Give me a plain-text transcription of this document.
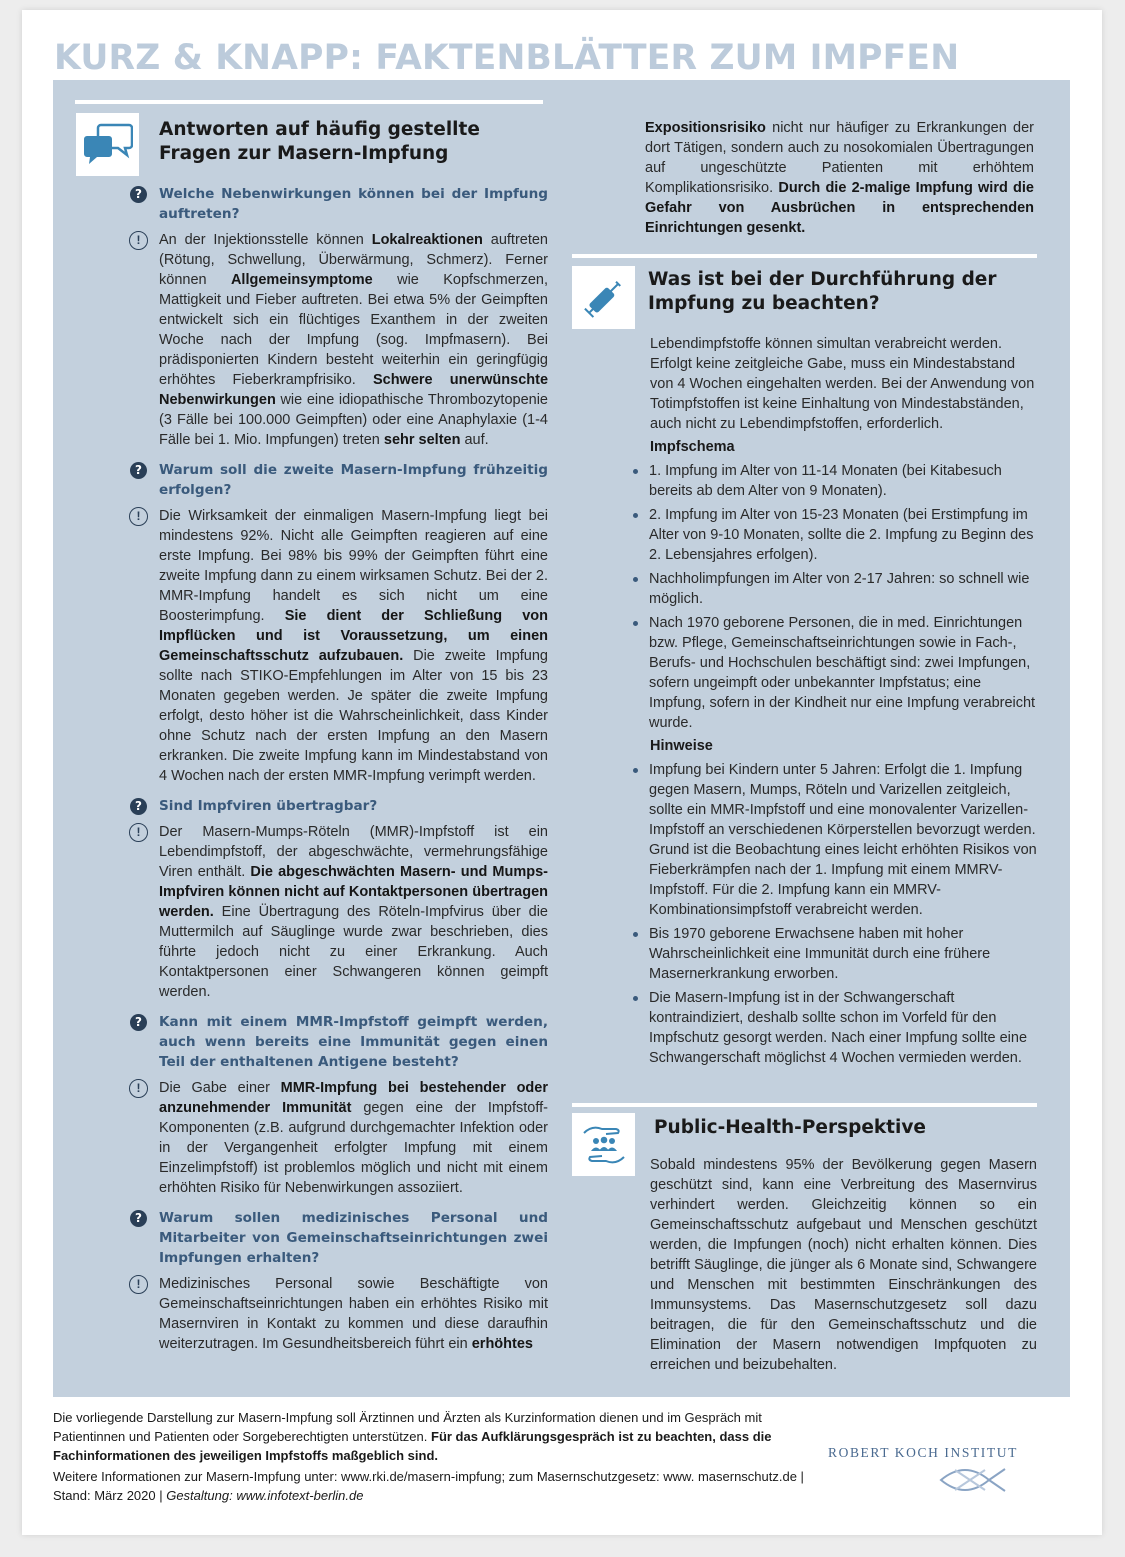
KURZ & KNAPP: FAKTENBLÄTTER ZUM IMPFEN
Antworten auf häufig gestellte
Fragen zur Masern-Impfung
?	Welche Nebenwirkungen können bei der Impfung auftreten?
!	An der Injektionsstelle können Lokalreaktionen auftreten (Rötung, Schwellung, Überwärmung, Schmerz). Ferner können Allgemeinsymptome wie Kopfschmerzen, Mattigkeit und Fieber auftreten. Bei etwa 5% der Geimpften entwickelt sich ein flüchtiges Exanthem in der zweiten Woche nach der Impfung (sog. Impfmasern). Bei prädisponierten Kindern besteht weiterhin ein geringfügig erhöhtes Fieberkrampfrisiko. Schwere unerwünschte Nebenwirkungen wie eine idiopathische Thrombozytopenie (3 Fälle bei 100.000 Geimpften) oder eine Anaphylaxie (1-4 Fälle bei 1. Mio. Impfungen) treten sehr selten auf.
?	Warum soll die zweite Masern-Impfung frühzeitig erfolgen?
!	Die Wirksamkeit der einmaligen Masern-Impfung liegt bei mindestens 92%. Nicht alle Geimpften reagieren auf eine erste Impfung. Bei 98% bis 99% der Geimpften führt eine zweite Impfung dann zu einem wirksamen Schutz. Bei der 2. MMR-Impfung handelt es sich nicht um eine Boosterimpfung. Sie dient der Schließung von Impflücken und ist Voraussetzung, um einen Gemeinschaftsschutz aufzubauen. Die zweite Impfung sollte nach STIKO-Empfehlungen im Alter von 15 bis 23 Monaten gegeben werden. Je später die zweite Impfung erfolgt, desto höher ist die Wahrscheinlichkeit, dass Kinder ohne Schutz nach der ersten Impfung an den Masern erkranken. Die zweite Impfung kann im Mindestabstand von 4 Wochen nach der ersten MMR-Impfung verimpft werden.
?	Sind Impfviren übertragbar?
!	Der Masern-Mumps-Röteln (MMR)-Impfstoff ist ein Lebendimpfstoff, der abgeschwächte, vermehrungsfähige Viren enthält. Die abgeschwächten Masern- und Mumps- Impfviren können nicht auf Kontaktpersonen übertragen werden. Eine Übertragung des Röteln-Impfvirus über die Muttermilch auf Säuglinge wurde zwar beschrieben, dies führte jedoch nicht zu einer Erkrankung. Auch Kontaktpersonen einer Schwangeren können geimpft werden.
?	Kann mit einem MMR-Impfstoff geimpft werden, auch wenn bereits eine Immunität gegen einen Teil der enthaltenen Antigene besteht?
!	Die Gabe einer MMR-Impfung bei bestehender oder anzunehmender Immunität gegen eine der Impfstoff-Komponenten (z.B. aufgrund durchgemachter Infektion oder in der Vergangenheit erfolgter Impfung mit einem Einzelimpfstoff) ist problemlos möglich und nicht mit einem erhöhten Risiko für Nebenwirkungen assoziiert.
?	Warum sollen medizinisches Personal und Mitarbeiter von Gemeinschaftseinrichtungen zwei Impfungen erhalten?
!	Medizinisches Personal sowie Beschäftigte von Gemeinschaftseinrichtungen haben ein erhöhtes Risiko mit Masernviren in Kontakt zu kommen und diese daraufhin weiterzutragen. Im Gesundheitsbereich führt ein erhöhtes
Expositionsrisiko nicht nur häufiger zu Erkrankungen der dort Tätigen, sondern auch zu nosokomialen Übertragungen auf ungeschützte Patienten mit erhöhtem Komplikationsrisiko. Durch die 2-malige Impfung wird die Gefahr von Ausbrüchen in entsprechenden Einrichtungen gesenkt.
Was ist bei der Durchführung der
Impfung zu beachten?
Lebendimpfstoffe können simultan verabreicht werden. Erfolgt keine zeitgleiche Gabe, muss ein Mindestabstand von 4 Wochen eingehalten werden. Bei der Anwendung von Totimpfstoffen ist keine Einhaltung von Mindestabständen, auch nicht zu Lebendimpfstoffen, erforderlich.
Impfschema
1. Impfung im Alter von 11-14 Monaten (bei Kitabesuch bereits ab dem Alter von 9 Monaten).
2. Impfung im Alter von 15-23 Monaten (bei Erstimpfung im Alter von 9-10 Monaten, sollte die 2. Impfung zu Beginn des 2. Lebensjahres erfolgen).
Nachholimpfungen im Alter von 2-17 Jahren: so schnell wie möglich.
Nach 1970 geborene Personen, die in med. Einrichtungen bzw. Pflege, Gemeinschaftseinrichtungen sowie in Fach-, Berufs- und Hochschulen beschäftigt sind: zwei Impfungen, sofern ungeimpft oder unbekannter Impfstatus; eine Impfung, sofern in der Kindheit nur eine Impfung verabreicht wurde.
Hinweise
Impfung bei Kindern unter 5 Jahren: Erfolgt die 1. Impfung gegen Masern, Mumps, Röteln und Varizellen zeitgleich, sollte ein MMR-Impfstoff und eine monovalenter Varizellen-Impfstoff an verschiedenen Körperstellen bevorzugt werden. Grund ist die Beobachtung eines leicht erhöhten Risikos von Fieberkrämpfen nach der 1. Impfung mit einem MMRV-Impfstoff. Für die 2. Impfung kann ein MMRV-Kombinationsimpfstoff verabreicht werden.
Bis 1970 geborene Erwachsene haben mit hoher Wahrscheinlichkeit eine Immunität durch eine frühere Masernerkrankung erworben.
Die Masern-Impfung ist in der Schwangerschaft kontraindiziert, deshalb sollte schon im Vorfeld für den Impfschutz gesorgt werden. Nach einer Impfung sollte eine Schwangerschaft möglichst 4 Wochen vermieden werden.
Public-Health-Perspektive
Sobald mindestens 95% der Bevölkerung gegen Masern geschützt sind, kann eine Verbreitung des Masernvirus verhindert werden. Gleichzeitig können so ein Gemeinschaftsschutz aufgebaut und Menschen geschützt werden, die Impfungen (noch) nicht erhalten können. Dies betrifft Säuglinge, die jünger als 6 Monate sind, Schwangere und Menschen mit bestimmten Einschränkungen des Immunsystems. Das Masernschutzgesetz soll dazu beitragen, die für den Gemeinschaftsschutz und die Elimination der Masern notwendigen Impfquoten zu erreichen und beizubehalten.

Die vorliegende Darstellung zur Masern-Impfung soll Ärztinnen und Ärzten als Kurzinformation dienen und im Gespräch mit Patientinnen und Patienten oder Sorgeberechtigten unterstützen. Für das Aufklärungsgespräch ist zu beachten, dass die Fachinformationen des jeweiligen Impfstoffs maßgeblich sind.

Weitere Informationen zur Masern-Impfung unter: www.rki.de/masern-impfung; zum Masernschutzgesetz: www. masernschutz.de | Stand: März 2020 | Gestaltung: www.infotext-berlin.de

ROBERT KOCH INSTITUT
